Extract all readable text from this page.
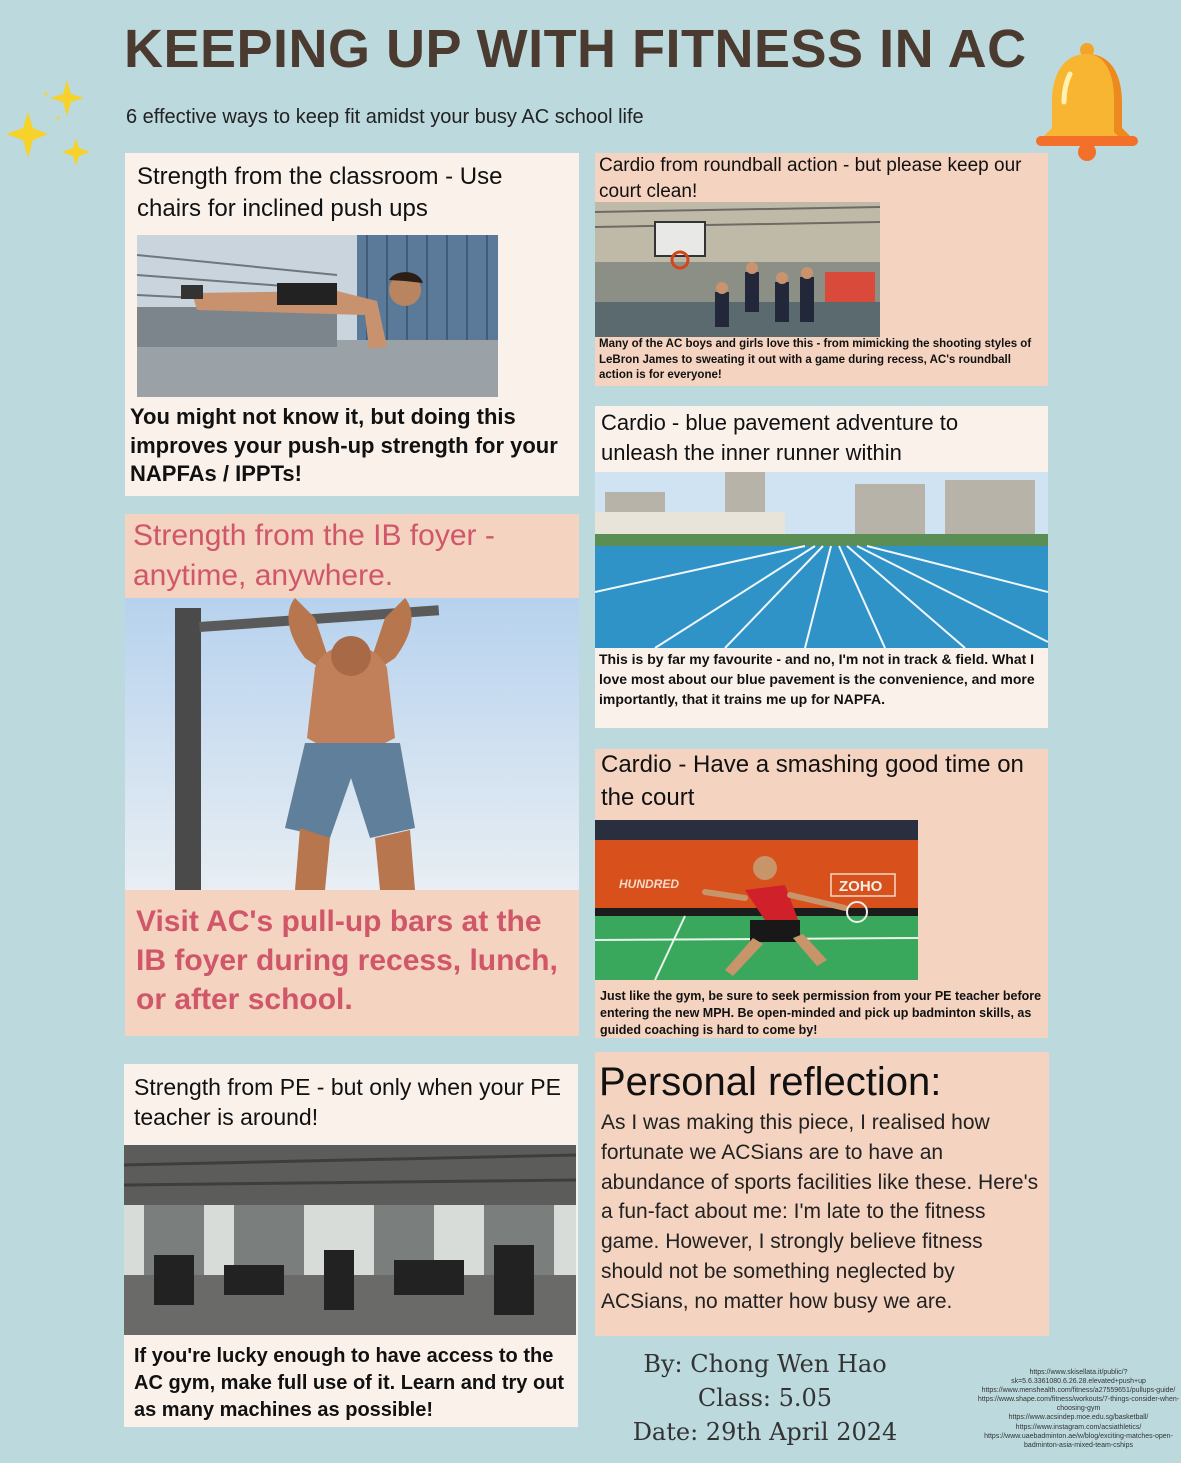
KEEPING UP WITH FITNESS IN AC
6 effective ways to keep fit amidst your busy AC school life
Strength from the classroom - Use chairs for inclined push ups
You might not know it, but doing this improves your push-up strength for your NAPFAs / IPPTs!
Strength from the IB foyer - anytime, anywhere.
Visit AC's pull-up bars at the IB foyer during recess, lunch, or after school.
Strength from PE - but only when your PE teacher is around!
If you're lucky enough to have access to the AC gym, make full use of it. Learn and try out as many machines as possible!
Cardio from roundball action - but please keep our court clean!
Many of the AC boys and girls love this - from mimicking the shooting styles of LeBron James to sweating it out with a game during recess, AC's roundball action is for everyone!
Cardio - blue pavement adventure to unleash the inner runner within
This is by far my favourite - and no, I'm not in track & field. What I love most about our blue pavement is the convenience, and more importantly, that it trains me up for NAPFA.
Cardio - Have a smashing good time on the court
HUNDRED	ZOHO
Just like the gym, be sure to seek permission from your PE teacher before entering the new MPH. Be open-minded and pick up badminton skills, as guided coaching is hard to come by!
Personal reflection:
As I was making this piece, I realised how fortunate we ACSians are to have an abundance of sports facilities like these. Here's a fun-fact about me: I'm late to the fitness game. However, I strongly believe fitness should not be something neglected by ACSians, no matter how busy we are.
By: Chong Wen Hao
Class: 5.05
Date: 29th April 2024
https://www.skisellata.it/public/?sk=5.6.3361080.6.26.28.elevated+push+up
https://www.menshealth.com/fitness/a27559651/pullups-guide/
https://www.shape.com/fitness/workouts/7-things-consider-when-choosing-gym
https://www.acsindep.moe.edu.sg/basketball/
https://www.instagram.com/acsiathletics/
https://www.uaebadminton.ae/w/blog/exciting-matches-open-badminton-asia-mixed-team-cships
